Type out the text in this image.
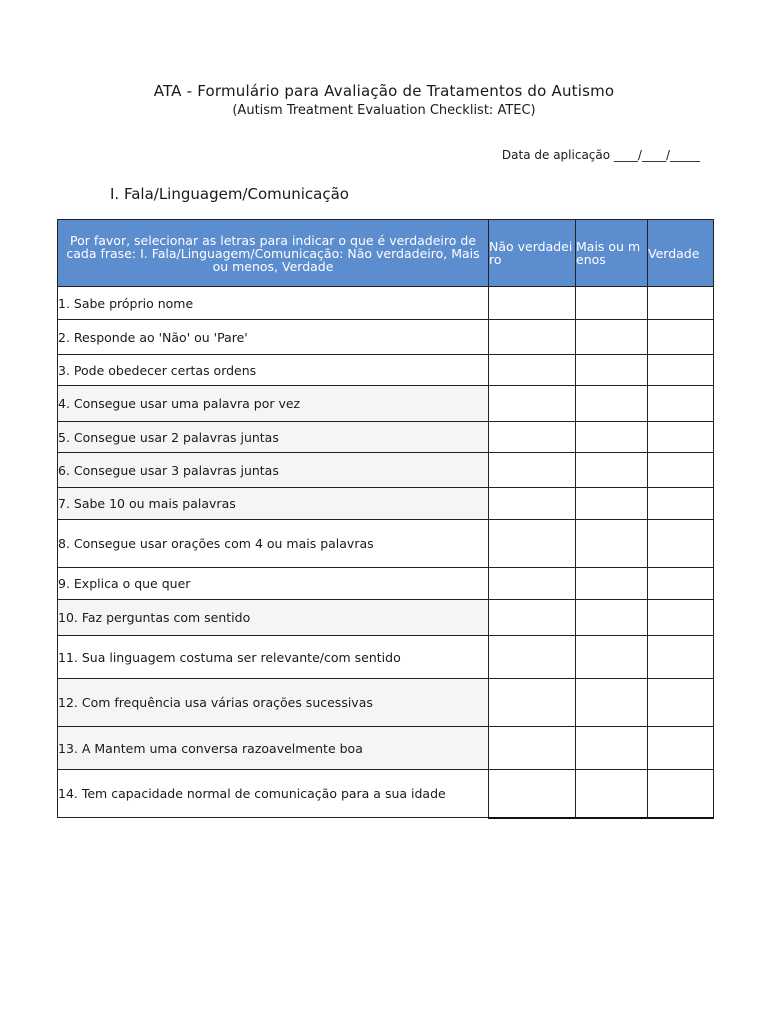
ATA - Formulário para Avaliação de Tratamentos do Autismo
(Autism Treatment Evaluation Checklist: ATEC)
Data de aplicação ____/____/_____
I. Fala/Linguagem/Comunicação
Por favor, selecionar as letras para indicar o que é verdadeiro de cada frase: I. Fala/Linguagem/Comunicação: Não verdadeiro, Mais ou menos, Verdade	Não verdadeiro	Mais ou menos	Verdade

1. Sabe próprio nome			
2. Responde ao 'Não' ou 'Pare'			
3. Pode obedecer certas ordens			
4. Consegue usar uma palavra por vez			
5. Consegue usar 2 palavras juntas			
6. Consegue usar 3 palavras juntas			
7. Sabe 10 ou mais palavras			
8. Consegue usar orações com 4 ou mais palavras			
9. Explica o que quer			
10. Faz perguntas com sentido			
11. Sua linguagem costuma ser relevante/com sentido			
12. Com frequência usa várias orações sucessivas			
13. A Mantem uma conversa razoavelmente boa			
14. Tem capacidade normal de comunicação para a sua idade			
